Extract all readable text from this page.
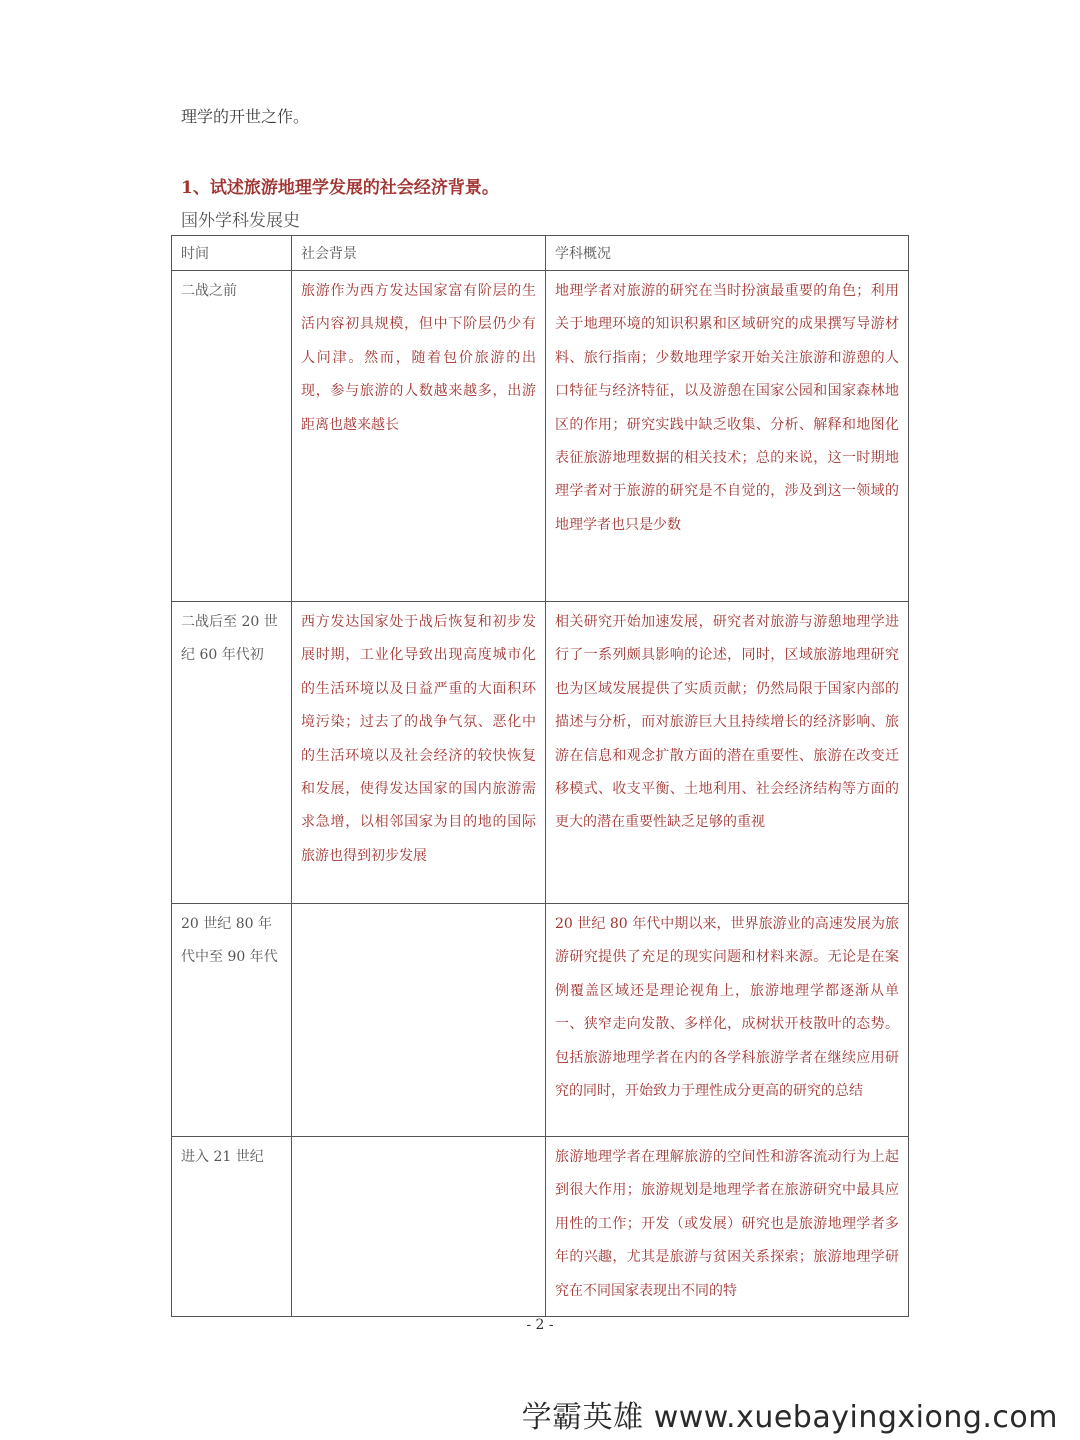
理学的开世之作。
1、试述旅游地理学发展的社会经济背景。
国外学科发展史
时间	社会背景	学科概况
二战之前	旅游作为西方发达国家富有阶层的生活内容初具规模，但中下阶层仍少有人问津。然而，随着包价旅游的出现，参与旅游的人数越来越多，出游距离也越来越长	地理学者对旅游的研究在当时扮演最重要的角色；利用关于地理环境的知识积累和区域研究的成果撰写导游材料、旅行指南；少数地理学家开始关注旅游和游憩的人口特征与经济特征，以及游憩在国家公园和国家森林地区的作用；研究实践中缺乏收集、分析、解释和地图化表征旅游地理数据的相关技术；总的来说，这一时期地理学者对于旅游的研究是不自觉的，涉及到这一领域的地理学者也只是少数
二战后至 20 世纪 60 年代初	西方发达国家处于战后恢复和初步发展时期，工业化导致出现高度城市化的生活环境以及日益严重的大面积环境污染；过去了的战争气氛、恶化中的生活环境以及社会经济的较快恢复和发展，使得发达国家的国内旅游需求急增，以相邻国家为目的地的国际旅游也得到初步发展	相关研究开始加速发展，研究者对旅游与游憩地理学进行了一系列颇具影响的论述，同时，区域旅游地理研究也为区域发展提供了实质贡献；仍然局限于国家内部的描述与分析，而对旅游巨大且持续增长的经济影响、旅游在信息和观念扩散方面的潜在重要性、旅游在改变迁移模式、收支平衡、土地利用、社会经济结构等方面的更大的潜在重要性缺乏足够的重视
20 世纪 80 年代中至 90 年代		20 世纪 80 年代中期以来，世界旅游业的高速发展为旅游研究提供了充足的现实问题和材料来源。无论是在案例覆盖区域还是理论视角上，旅游地理学都逐渐从单一、狭窄走向发散、多样化，成树状开枝散叶的态势。包括旅游地理学者在内的各学科旅游学者在继续应用研究的同时，开始致力于理性成分更高的研究的总结
进入 21 世纪		旅游地理学者在理解旅游的空间性和游客流动行为上起到很大作用；旅游规划是地理学者在旅游研究中最具应用性的工作；开发（或发展）研究也是旅游地理学者多年的兴趣，尤其是旅游与贫困关系探索；旅游地理学研究在不同国家表现出不同的特
- 2 -
学霸英雄 www.xuebayingxiong.com
